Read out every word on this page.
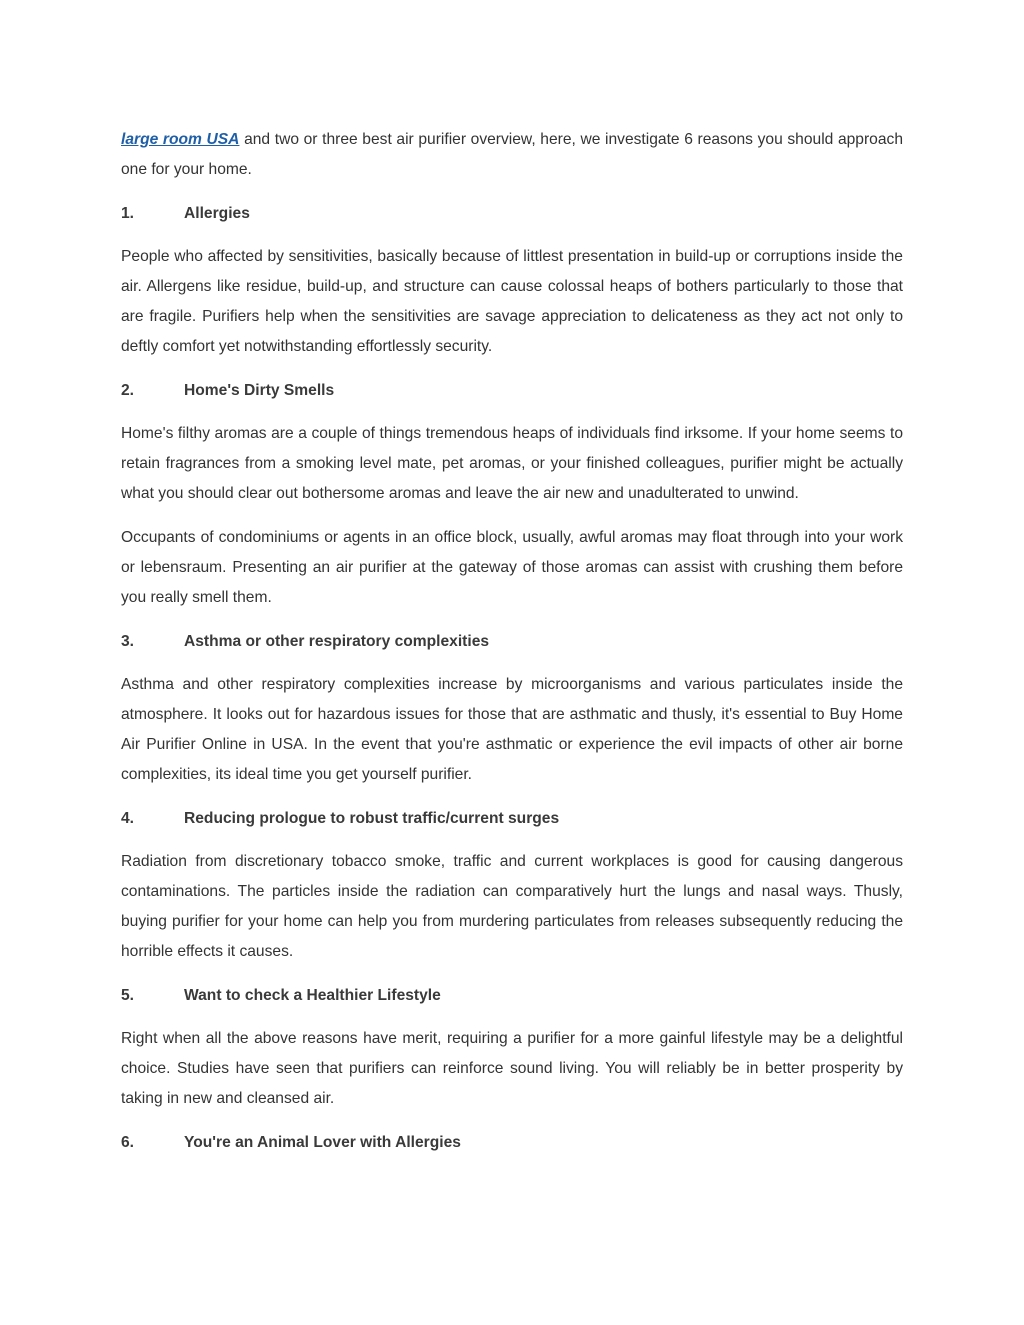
large room USA and two or three best air purifier overview, here, we investigate 6 reasons you should approach one for your home.

1.	Allergies

People who affected by sensitivities, basically because of littlest presentation in build-up or corruptions inside the air. Allergens like residue, build-up, and structure can cause colossal heaps of bothers particularly to those that are fragile. Purifiers help when the sensitivities are savage appreciation to delicateness as they act not only to deftly comfort yet notwithstanding effortlessly security.

2.	Home's Dirty Smells

Home's filthy aromas are a couple of things tremendous heaps of individuals find irksome. If your home seems to retain fragrances from a smoking level mate, pet aromas, or your finished colleagues, purifier might be actually what you should clear out bothersome aromas and leave the air new and unadulterated to unwind.

Occupants of condominiums or agents in an office block, usually, awful aromas may float through into your work or lebensraum. Presenting an air purifier at the gateway of those aromas can assist with crushing them before you really smell them.

3.	Asthma or other respiratory complexities

Asthma and other respiratory complexities increase by microorganisms and various particulates inside the atmosphere. It looks out for hazardous issues for those that are asthmatic and thusly, it's essential to Buy Home Air Purifier Online in USA. In the event that you're asthmatic or experience the evil impacts of other air borne complexities, its ideal time you get yourself purifier.

4.	Reducing prologue to robust traffic/current surges

Radiation from discretionary tobacco smoke, traffic and current workplaces is good for causing dangerous contaminations. The particles inside the radiation can comparatively hurt the lungs and nasal ways. Thusly, buying purifier for your home can help you from murdering particulates from releases subsequently reducing the horrible effects it causes.

5.	Want to check a Healthier Lifestyle

Right when all the above reasons have merit, requiring a purifier for a more gainful lifestyle may be a delightful choice. Studies have seen that purifiers can reinforce sound living. You will reliably be in better prosperity by taking in new and cleansed air.

6.	You're an Animal Lover with Allergies
